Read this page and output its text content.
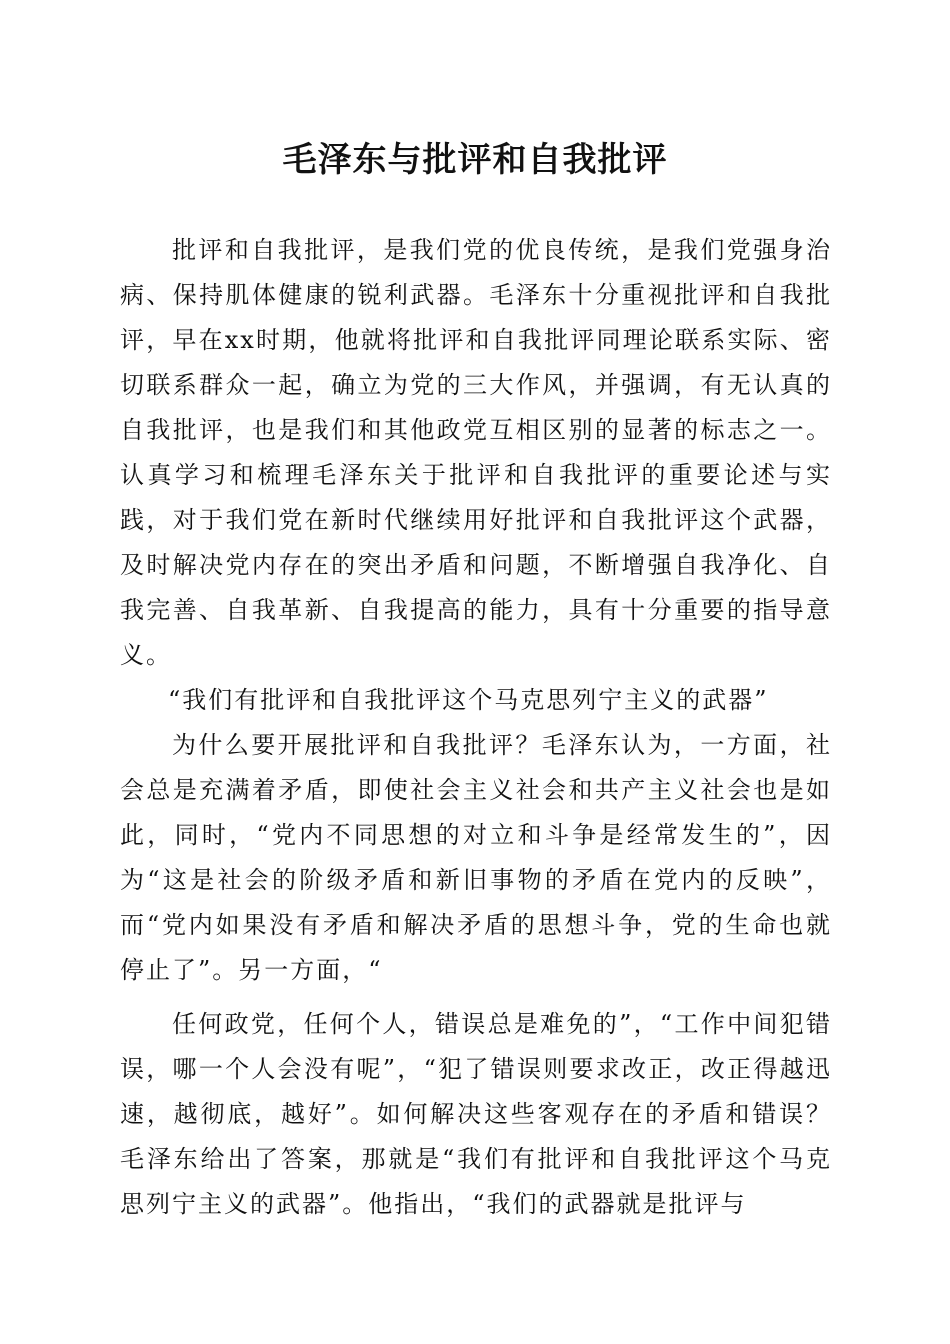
毛泽东与批评和自我批评

批评和自我批评，是我们党的优良传统，是我们党强身治病、保持肌体健康的锐利武器。毛泽东十分重视批评和自我批评，早在xx时期，他就将批评和自我批评同理论联系实际、密切联系群众一起，确立为党的三大作风，并强调，有无认真的自我批评，也是我们和其他政党互相区别的显著的标志之一。认真学习和梳理毛泽东关于批评和自我批评的重要论述与实践，对于我们党在新时代继续用好批评和自我批评这个武器，及时解决党内存在的突出矛盾和问题，不断增强自我净化、自我完善、自我革新、自我提高的能力，具有十分重要的指导意义。

“我们有批评和自我批评这个马克思列宁主义的武器”

为什么要开展批评和自我批评？毛泽东认为，一方面，社会总是充满着矛盾，即使社会主义社会和共产主义社会也是如此，同时，“党内不同思想的对立和斗争是经常发生的”，因为“这是社会的阶级矛盾和新旧事物的矛盾在党内的反映”，而“党内如果没有矛盾和解决矛盾的思想斗争，党的生命也就停止了”。另一方面，“

任何政党，任何个人，错误总是难免的”，“工作中间犯错误，哪一个人会没有呢”，“犯了错误则要求改正，改正得越迅速，越彻底，越好”。如何解决这些客观存在的矛盾和错误？毛泽东给出了答案，那就是“我们有批评和自我批评这个马克思列宁主义的武器”。他指出，“我们的武器就是批评与
